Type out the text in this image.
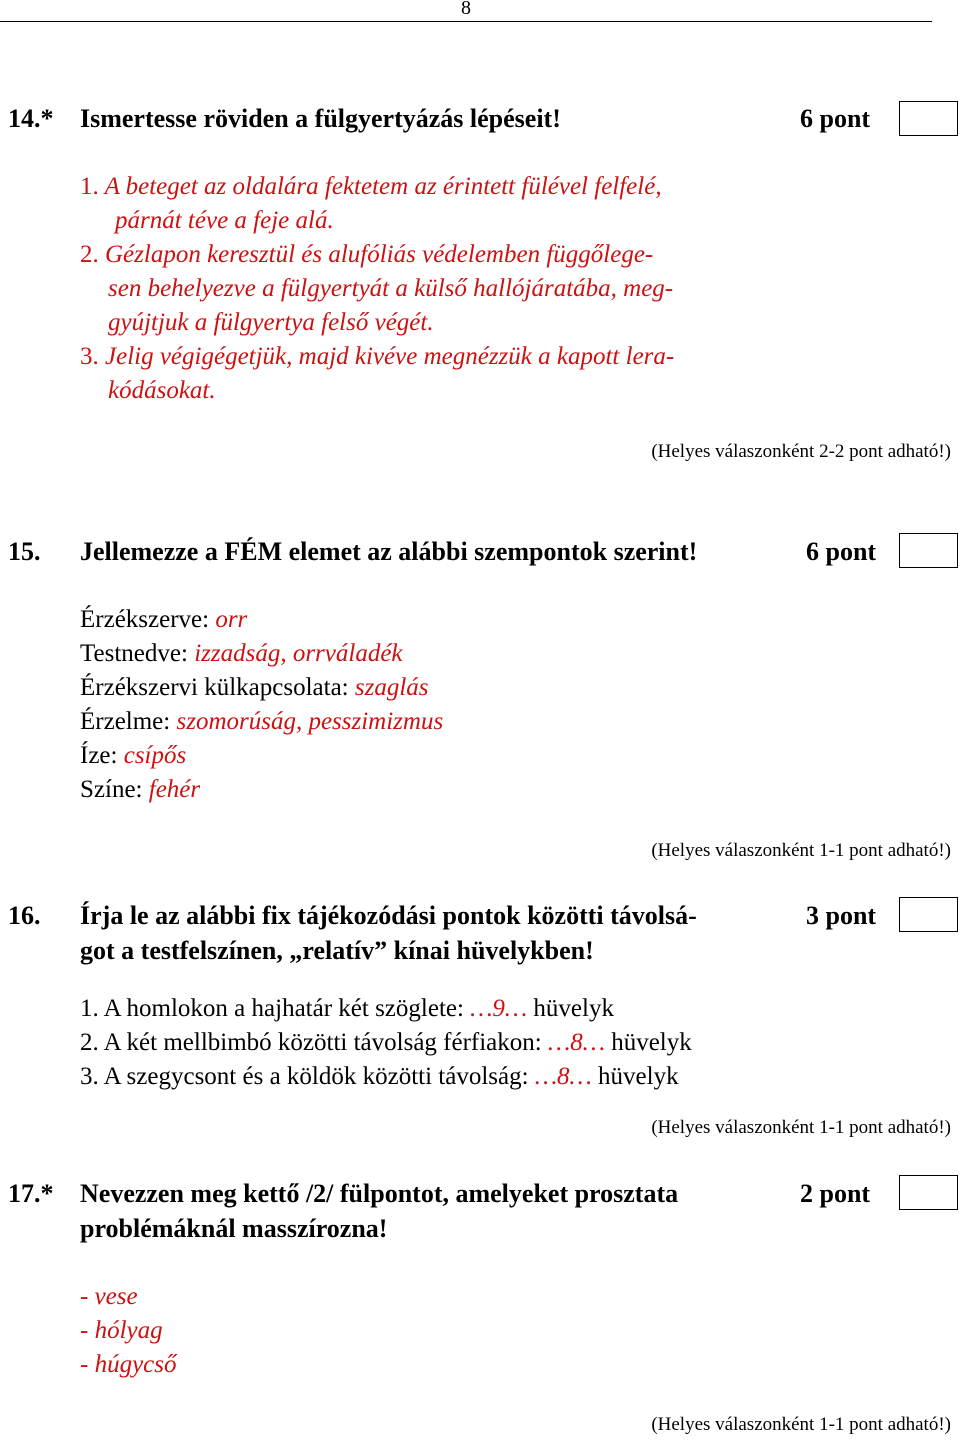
8
14.* Ismertesse röviden a fülgyertyázás lépéseit!	6 pont
1. A beteget az oldalára fektetem az érintett fülével felfelé,
párnát téve a feje alá.
2. Gézlapon keresztül és alufóliás védelemben függőlege-
sen behelyezve a fülgyertyát a külső hallójáratába, meg-
gyújtjuk a fülgyertya felső végét.
3. Jelig végigégetjük, majd kivéve megnézzük a kapott lera-
kódásokat.
(Helyes válaszonként 2-2 pont adható!)
15. Jellemezze a FÉM elemet az alábbi szempontok szerint!	6 pont
Érzékszerve: orr
Testnedve: izzadság, orrváladék
Érzékszervi külkapcsolata: szaglás
Érzelme: szomorúság, pesszimizmus
Íze: csípős
Színe: fehér
(Helyes válaszonként 1-1 pont adható!)
16. Írja le az alábbi fix tájékozódási pontok közötti távolsá-
got a testfelszínen, „relatív” kínai hüvelykben!
3 pont
1. A homlokon a hajhatár két szöglete: …9… hüvelyk
2. A két mellbimbó közötti távolság férfiakon: …8… hüvelyk
3. A szegycsont és a köldök közötti távolság: …8… hüvelyk
(Helyes válaszonként 1-1 pont adható!)
17.* Nevezzen meg kettő /2/ fülpontot, amelyeket prosztata
problémáknál masszírozna!
2 pont
- vese
- hólyag
- húgycső
(Helyes válaszonként 1-1 pont adható!)
